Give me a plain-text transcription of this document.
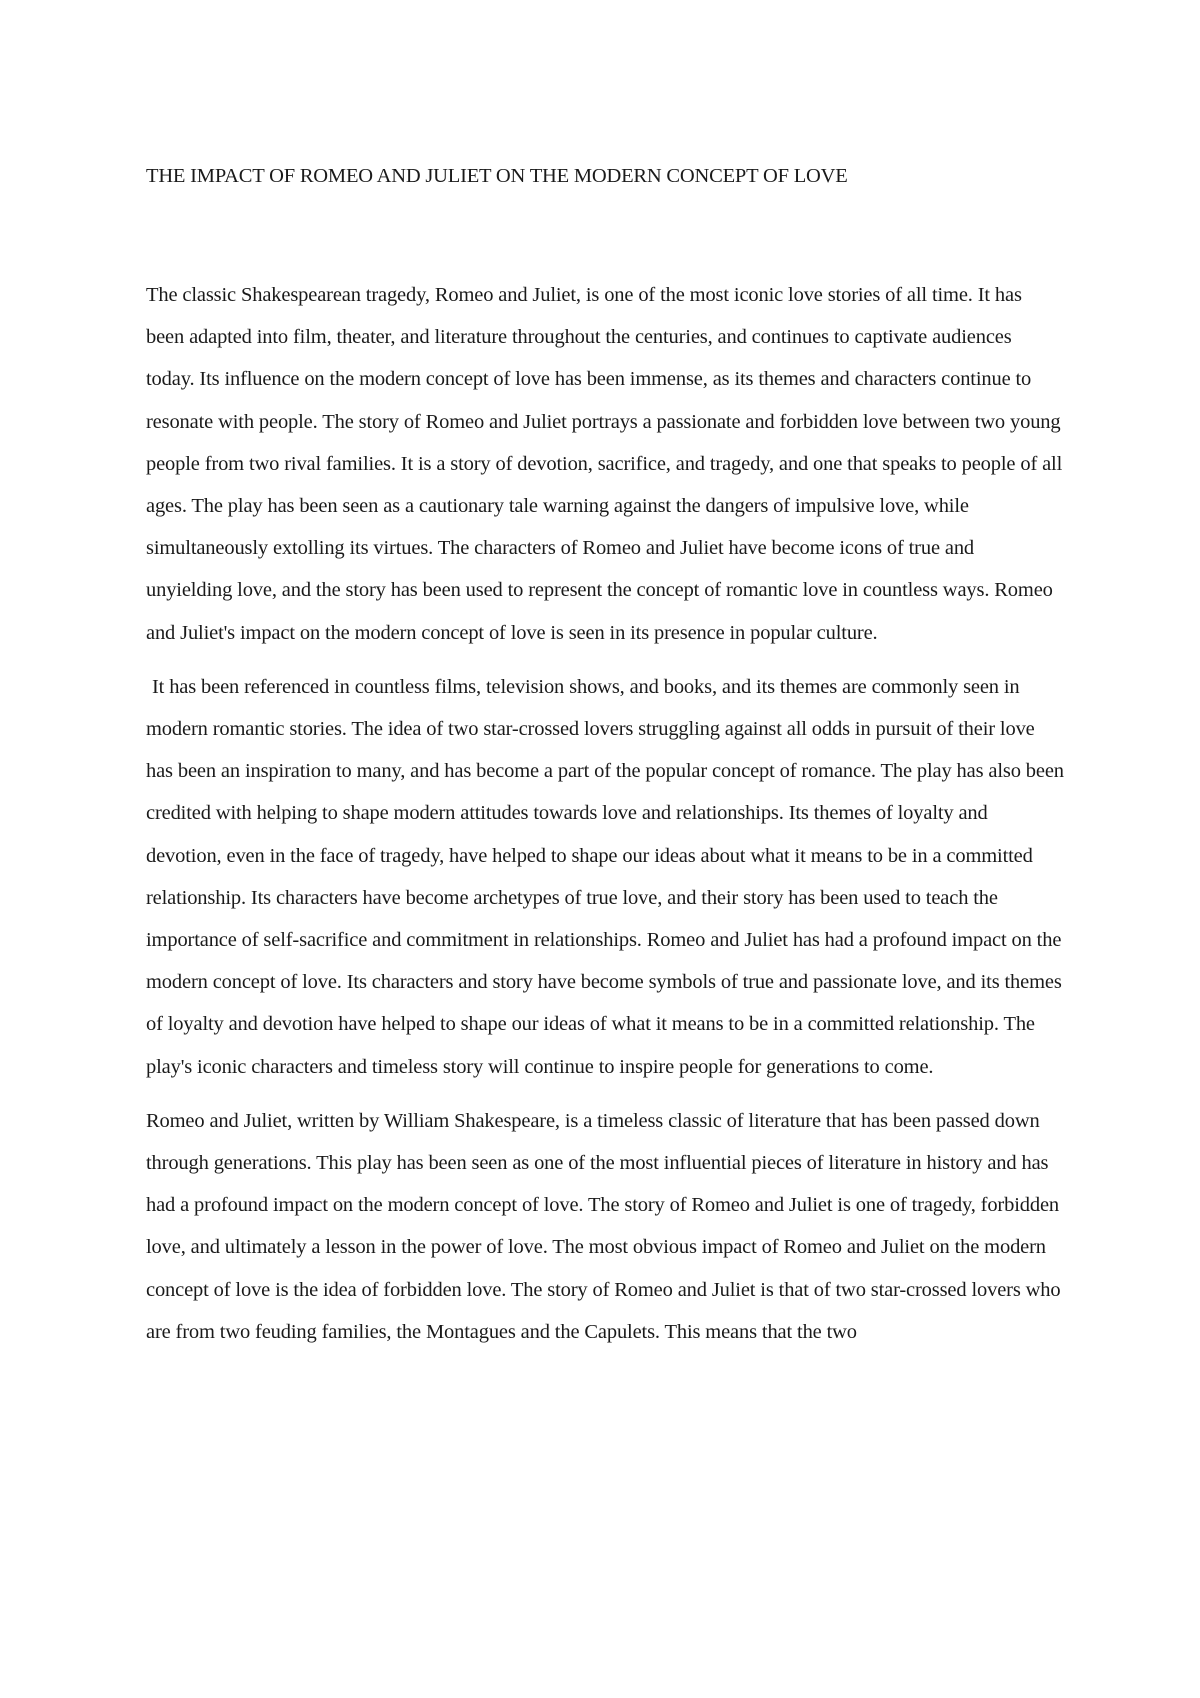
THE IMPACT OF ROMEO AND JULIET ON THE MODERN CONCEPT OF LOVE

The classic Shakespearean tragedy, Romeo and Juliet, is one of the most iconic love stories of all time. It has been adapted into film, theater, and literature throughout the centuries, and continues to captivate audiences today. Its influence on the modern concept of love has been immense, as its themes and characters continue to resonate with people. The story of Romeo and Juliet portrays a passionate and forbidden love between two young people from two rival families. It is a story of devotion, sacrifice, and tragedy, and one that speaks to people of all ages. The play has been seen as a cautionary tale warning against the dangers of impulsive love, while simultaneously extolling its virtues. The characters of Romeo and Juliet have become icons of true and unyielding love, and the story has been used to represent the concept of romantic love in countless ways. Romeo and Juliet's impact on the modern concept of love is seen in its presence in popular culture.

It has been referenced in countless films, television shows, and books, and its themes are commonly seen in modern romantic stories. The idea of two star-crossed lovers struggling against all odds in pursuit of their love has been an inspiration to many, and has become a part of the popular concept of romance. The play has also been credited with helping to shape modern attitudes towards love and relationships. Its themes of loyalty and devotion, even in the face of tragedy, have helped to shape our ideas about what it means to be in a committed relationship. Its characters have become archetypes of true love, and their story has been used to teach the importance of self-sacrifice and commitment in relationships. Romeo and Juliet has had a profound impact on the modern concept of love. Its characters and story have become symbols of true and passionate love, and its themes of loyalty and devotion have helped to shape our ideas of what it means to be in a committed relationship. The play's iconic characters and timeless story will continue to inspire people for generations to come.

Romeo and Juliet, written by William Shakespeare, is a timeless classic of literature that has been passed down through generations. This play has been seen as one of the most influential pieces of literature in history and has had a profound impact on the modern concept of love. The story of Romeo and Juliet is one of tragedy, forbidden love, and ultimately a lesson in the power of love. The most obvious impact of Romeo and Juliet on the modern concept of love is the idea of forbidden love. The story of Romeo and Juliet is that of two star-crossed lovers who are from two feuding families, the Montagues and the Capulets. This means that the two
